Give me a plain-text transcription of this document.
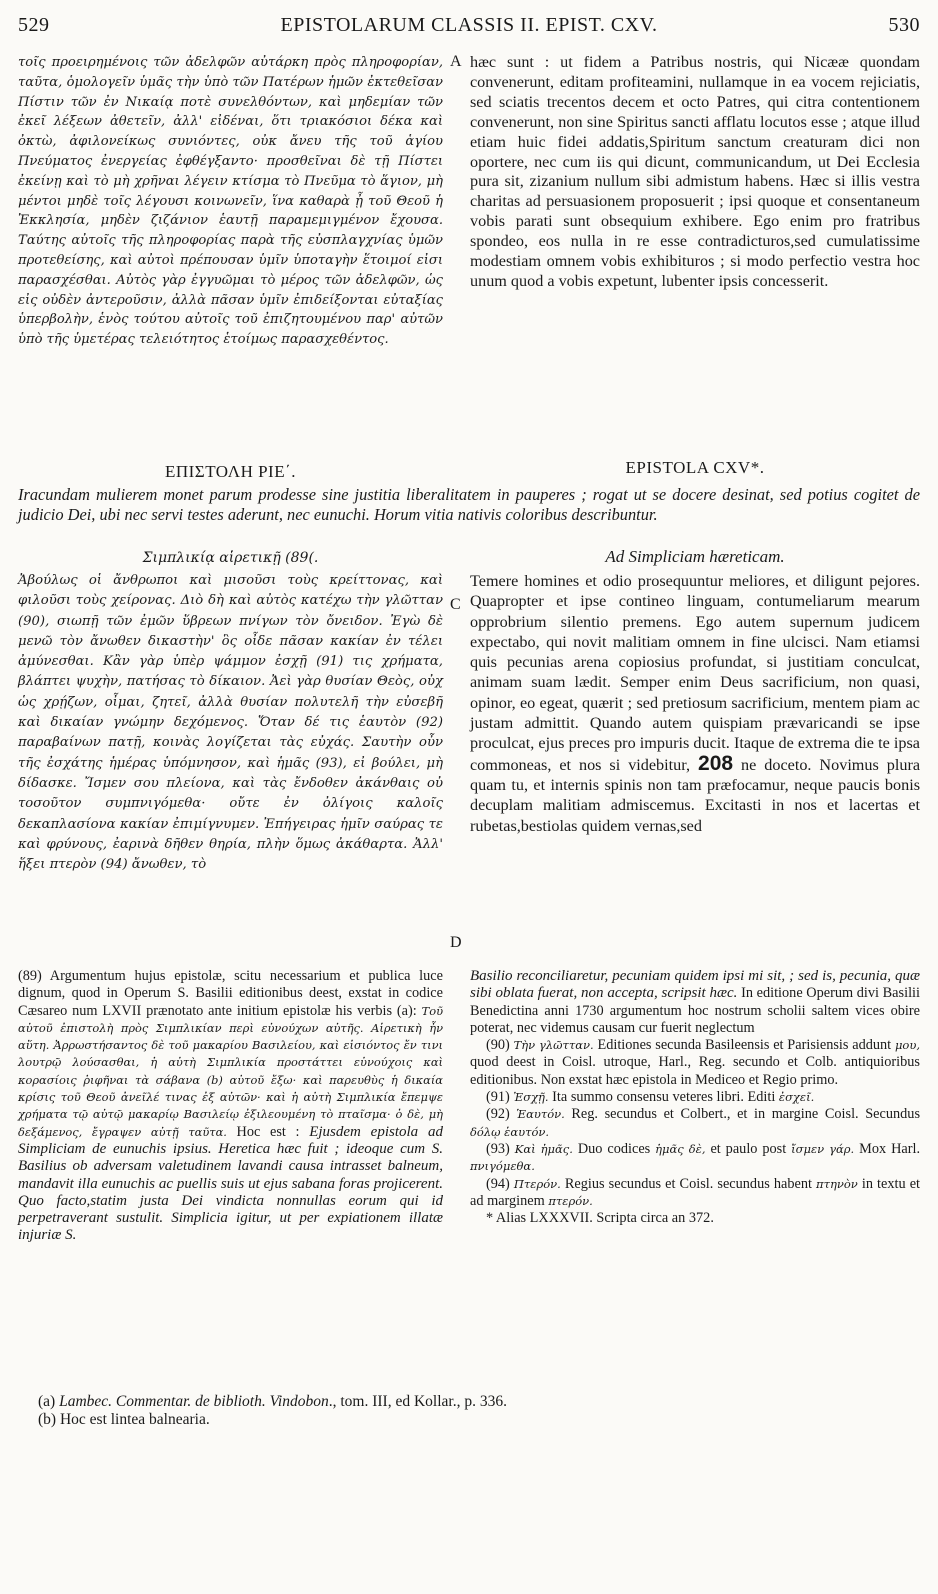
529	EPISTOLARUM CLASSIS II. EPIST. CXV.	530

τοῖς προειρημένοις τῶν ἀδελφῶν αὐτάρκη πρὸς πληροφορίαν, ταῦτα, ὁμολογεῖν ὑμᾶς τὴν ὑπὸ τῶν Πατέρων ἡμῶν ἐκτεθεῖσαν Πίστιν τῶν ἐν Νικαίᾳ ποτὲ συνελθόντων, καὶ μηδεμίαν τῶν ἐκεῖ λέξεων ἀθετεῖν, ἀλλ' εἰδέναι, ὅτι τριακόσιοι δέκα καὶ ὀκτὼ, ἀφιλονείκως συνιόντες, οὐκ ἄνευ τῆς τοῦ ἁγίου Πνεύματος ἐνεργείας ἐφθέγξαντο· προσθεῖναι δὲ τῇ Πίστει ἐκείνῃ καὶ τὸ μὴ χρῆναι λέγειν κτίσμα τὸ Πνεῦμα τὸ ἅγιον, μὴ μέντοι μηδὲ τοῖς λέγουσι κοινωνεῖν, ἵνα καθαρὰ ᾖ τοῦ Θεοῦ ἡ Ἐκκλησία, μηδὲν ζιζάνιον ἑαυτῇ παραμεμιγμένον ἔχουσα. Ταύτης αὐτοῖς τῆς πληροφορίας παρὰ τῆς εὐσπλαγχνίας ὑμῶν προτεθείσης, καὶ αὐτοὶ πρέπουσαν ὑμῖν ὑποταγὴν ἕτοιμοί εἰσι παρασχέσθαι. Αὐτὸς γὰρ ἐγγυῶμαι τὸ μέρος τῶν ἀδελφῶν, ὡς εἰς οὐδὲν ἀντεροῦσιν, ἀλλὰ πᾶσαν ὑμῖν ἐπιδείξονται εὐταξίας ὑπερβολὴν, ἑνὸς τούτου αὐτοῖς τοῦ ἐπιζητουμένου παρ' αὐτῶν ὑπὸ τῆς ὑμετέρας τελειότητος ἑτοίμως παρασχεθέντος.

A hæc sunt : ut fidem a Patribus nostris, qui Nicææ quondam convenerunt, editam profiteamini, nullamque in ea vocem rejiciatis, sed sciatis trecentos decem et octo Patres, qui citra contentionem convenerunt, non sine Spiritus sancti afflatu locutos esse ; atque illud etiam huic fidei addatis,Spiritum sanctum creaturam dici non oportere, nec cum iis qui dicunt, communicandum, ut Dei Ecclesia pura sit, zizanium nullum sibi admistum habens. Hæc si illis vestra charitas ad persuasionem proposuerit ; ipsi quoque et consentaneum vobis parati sunt obsequium exhibere. Ego enim pro fratribus spondeo, eos nulla in re esse contradicturos,sed cumulatissime modestiam omnem vobis exhibituros ; si modo perfectio vestra hoc unum quod a vobis expetunt, lubenter ipsis concesserit.

ΕΠΙΣΤΟΛΗ ΡΙΕ΄.	EPISTOLA CXV*.
Iracundam mulierem monet parum prodesse sine justitia liberalitatem in pauperes ; rogat ut se docere desinat, sed potius cogitet de judicio Dei, ubi nec servi testes aderunt, nec eunuchi. Horum vitia nativis coloribus describuntur.
Σιμπλικίᾳ αἱρετικῇ (89(.	Ad Simpliciam hæreticam.

Ἀβούλως οἱ ἄνθρωποι καὶ μισοῦσι τοὺς κρείττονας, καὶ φιλοῦσι τοὺς χείρονας. Διὸ δὴ καὶ αὐτὸς κατέχω τὴν γλῶτταν (90), σιωπῇ τῶν ἐμῶν ὕβρεων πνίγων τὸν ὄνειδον. Ἐγὼ δὲ μενῶ τὸν ἄνωθεν δικαστὴν' ὃς οἶδε πᾶσαν κακίαν ἐν τέλει ἀμύνεσθαι. Κἂν γὰρ ὑπὲρ ψάμμον ἐσχῇ (91) τις χρήματα, βλάπτει ψυχὴν, πατήσας τὸ δίκαιον. Ἀεὶ γὰρ θυσίαν Θεὸς, οὐχ ὡς χρῄζων, οἶμαι, ζητεῖ, ἀλλὰ θυσίαν πολυτελῆ τὴν εὐσεβῆ καὶ δικαίαν γνώμην δεχόμενος. Ὅταν δέ τις ἑαυτὸν (92) παραβαίνων πατῇ, κοινὰς λογίζεται τὰς εὐχάς. Σαυτὴν οὖν τῆς ἐσχάτης ἡμέρας ὑπόμνησον, καὶ ἡμᾶς (93), εἰ βούλει, μὴ δίδασκε. Ἴσμεν σου πλείονα, καὶ τὰς ἔνδοθεν ἀκάνθαις οὐ τοσοῦτον συμπνιγόμεθα· οὔτε ἐν ὀλίγοις καλοῖς δεκαπλασίονα κακίαν ἐπιμίγνυμεν. Ἐπήγειρας ἡμῖν σαύρας τε καὶ φρύνους, ἐαρινὰ δῆθεν θηρία, πλὴν ὅμως ἀκάθαρτα. Ἀλλ' ἥξει πτερὸν (94) ἄνωθεν, τὸ

C
D

Temere homines et odio prosequuntur meliores, et diligunt pejores. Quapropter et ipse contineo linguam, contumeliarum mearum opprobrium silentio premens. Ego autem supernum judicem expectabo, qui novit malitiam omnem in fine ulcisci. Nam etiamsi quis pecunias arena copiosius profundat, si justitiam conculcat, animam suam lædit. Semper enim Deus sacrificium, non quasi, opinor, eo egeat, quærit ; sed pretiosum sacrificium, mentem piam ac justam admittit. Quando autem quispiam prævaricandi se ipse proculcat, ejus preces pro impuris ducit. Itaque de extrema die te ipsa commoneas, et nos si videbitur, 208 ne doceto. Novimus plura quam tu, et internis spinis non tam præfocamur, neque paucis bonis decuplam malitiam admiscemus. Excitasti in nos et lacertas et rubetas,bestiolas quidem vernas,sed

(89) Argumentum hujus epistolæ, scitu necessarium et publica luce dignum, quod in Operum S. Basilii editionibus deest, exstat in codice Cæsareo num LXVII prænotato ante initium epistolæ his verbis (a): Τοῦ αὐτοῦ ἐπιστολὴ πρὸς Σιμπλικίαν περὶ εὐνούχων αὐτῆς. Αἱρετικὴ ἦν αὕτη. Ἀρρωστήσαντος δὲ τοῦ μακαρίου Βασιλείου, καὶ εἰσιόντος ἔν τινι λουτρῷ λούσασθαι, ἡ αὐτὴ Σιμπλικία προστάττει εὐνούχοις καὶ κορασίοις ῥιφῆναι τὰ σάβανα (b) αὐτοῦ ἔξω· καὶ παρευθὺς ἡ δικαία κρίσις τοῦ Θεοῦ ἀνεῖλέ τινας ἐξ αὐτῶν· καὶ ἡ αὐτὴ Σιμπλικία ἔπεμψε χρήματα τῷ αὐτῷ μακαρίῳ Βασιλείῳ ἐξιλεουμένη τὸ πταῖσμα· ὁ δὲ, μὴ δεξάμενος, ἔγραψεν αὐτῇ ταῦτα. Hoc est : Ejusdem epistola ad Simpliciam de eunuchis ipsius. Heretica hæc fuit ; ideoque cum S. Basilius ob adversam valetudinem lavandi causa intrasset balneum, mandavit illa eunuchis ac puellis suis ut ejus sabana foras projicerent. Quo facto,statim justa Dei vindicta nonnullas eorum qui id perpetraverant sustulit. Simplicia igitur, ut per expiationem illatæ injuriæ S.

Basilio reconciliaretur, pecuniam quidem ipsi mi sit, ; sed is, pecunia, quæ sibi oblata fuerat, non accepta, scripsit hæc. In editione Operum divi Basilii Benedictina anni 1730 argumentum hoc nostrum scholii saltem vices obire poterat, nec videmus causam cur fuerit neglectum

(90) Τὴν γλῶτταν. Editiones secunda Basileensis et Parisiensis addunt μου, quod deest in Coisl. utroque, Harl., Reg. secundo et Colb. antiquioribus editionibus. Non exstat hæc epistola in Mediceo et Regio primo.

(91) Ἐσχῇ. Ita summo consensu veteres libri. Editi ἐσχεῖ.

(92) Ἑαυτόν. Reg. secundus et Colbert., et in margine Coisl. Secundus δόλῳ ἑαυτόν.

(93) Καὶ ἡμᾶς. Duo codices ἡμᾶς δὲ, et paulo post ἴσμεν γάρ. Mox Harl. πνιγόμεθα.

(94) Πτερόν. Regius secundus et Coisl. secundus habent πτηνὸν in textu et ad marginem πτερόν.

* Alias LXXXVII. Scripta circa an 372.

(a) Lambec. Commentar. de biblioth. Vindobon., tom. III, ed Kollar., p. 336.
(b) Hoc est lintea balnearia.
